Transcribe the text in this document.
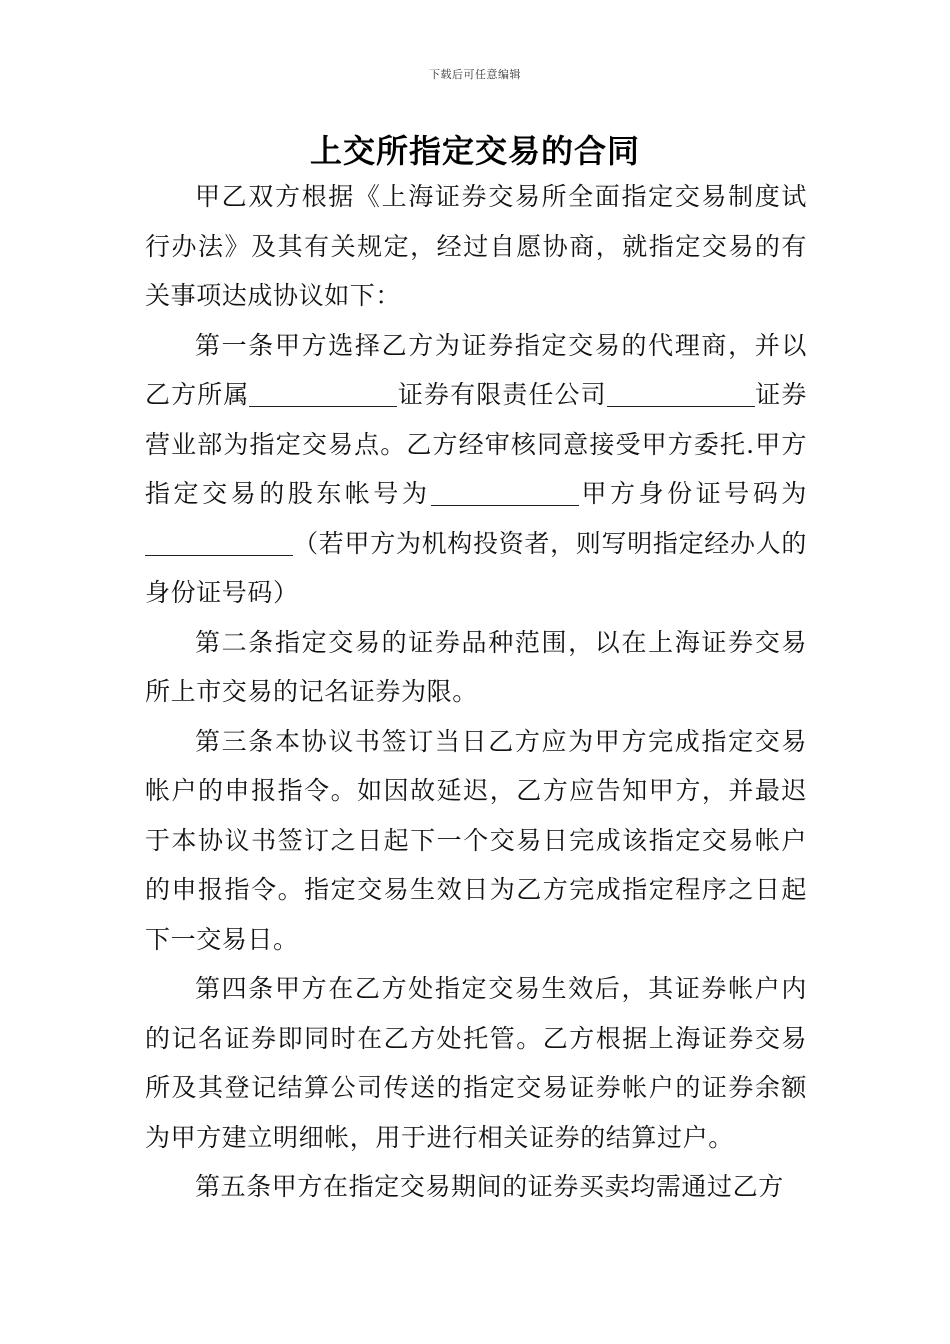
下载后可任意编辑
上交所指定交易的合同

甲乙双方根据《上海证券交易所全面指定交易制度试行办法》及其有关规定，经过自愿协商，就指定交易的有关事项达成协议如下：

第一条甲方选择乙方为证券指定交易的代理商，并以乙方所属	证券有限责任公司	证券营业部为指定交易点。乙方经审核同意接受甲方委托.甲方指定交易的股东帐号为	甲方身份证号码为（若甲方为机构投资者，则写明指定经办人的身份证号码）

第二条指定交易的证券品种范围，以在上海证券交易所上市交易的记名证券为限。

第三条本协议书签订当日乙方应为甲方完成指定交易帐户的申报指令。如因故延迟，乙方应告知甲方，并最迟于本协议书签订之日起下一个交易日完成该指定交易帐户的申报指令。指定交易生效日为乙方完成指定程序之日起下一交易日。

第四条甲方在乙方处指定交易生效后，其证券帐户内的记名证券即同时在乙方处托管。乙方根据上海证券交易所及其登记结算公司传送的指定交易证券帐户的证券余额为甲方建立明细帐，用于进行相关证券的结算过户。

第五条甲方在指定交易期间的证券买卖均需通过乙方
